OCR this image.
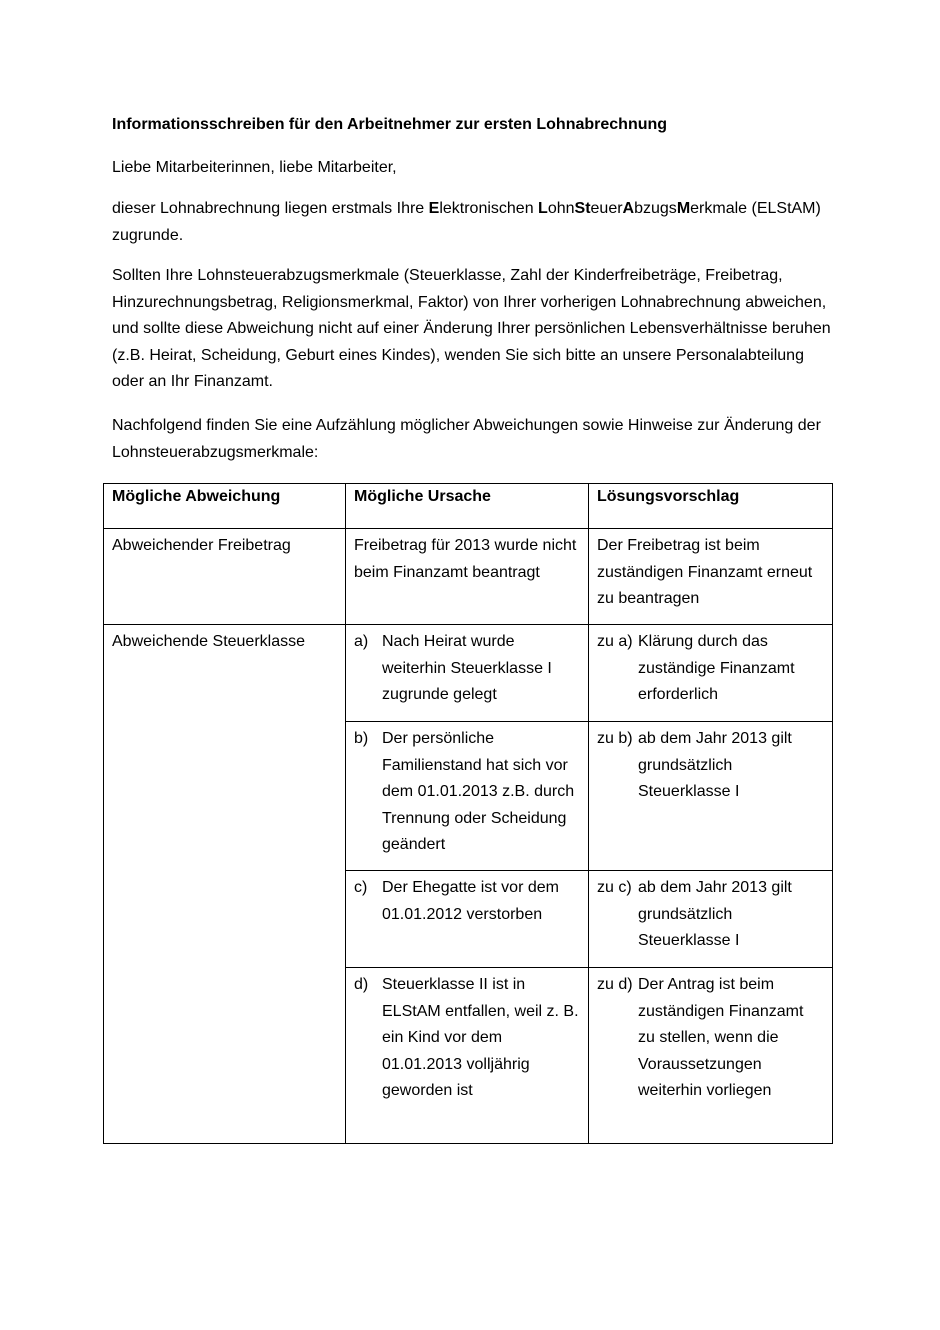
Informationsschreiben für den Arbeitnehmer zur ersten Lohnabrechnung

Liebe Mitarbeiterinnen, liebe Mitarbeiter,

dieser Lohnabrechnung liegen erstmals Ihre Elektronischen LohnSteuerAbzugsMerkmale (ELStAM) zugrunde.

Sollten Ihre Lohnsteuerabzugsmerkmale (Steuerklasse, Zahl der Kinderfreibeträge, Freibetrag, Hinzurechnungsbetrag, Religionsmerkmal, Faktor) von Ihrer vorherigen Lohnabrechnung abweichen, und sollte diese Abweichung nicht auf einer Änderung Ihrer persönlichen Lebensverhältnisse beruhen (z.B. Heirat, Scheidung, Geburt eines Kindes), wenden Sie sich bitte an unsere Personalabteilung oder an Ihr Finanzamt.

Nachfolgend finden Sie eine Aufzählung möglicher Abweichungen sowie Hinweise zur Änderung der Lohnsteuerabzugsmerkmale:

Mögliche Abweichung	Mögliche Ursache	Lösungsvorschlag
Abweichender Freibetrag	Freibetrag für 2013 wurde nicht beim Finanzamt beantragt	Der Freibetrag ist beim zuständigen Finanzamt erneut zu beantragen
Abweichende Steuerklasse	a) Nach Heirat wurde weiterhin Steuerklasse I zugrunde gelegt	zu a) Klärung durch das zuständige Finanzamt erforderlich

	b) Der persönliche Familienstand hat sich vor dem 01.01.2013 z.B. durch Trennung oder Scheidung geändert	zu b) ab dem Jahr 2013 gilt grundsätzlich Steuerklasse I

	c) Der Ehegatte ist vor dem 01.01.2012 verstorben	zu c) ab dem Jahr 2013 gilt grundsätzlich Steuerklasse I

	d) Steuerklasse II ist in ELStAM entfallen, weil z. B. ein Kind vor dem 01.01.2013 volljährig geworden ist	zu d) Der Antrag ist beim zuständigen Finanzamt zu stellen, wenn die Voraussetzungen weiterhin vorliegen
